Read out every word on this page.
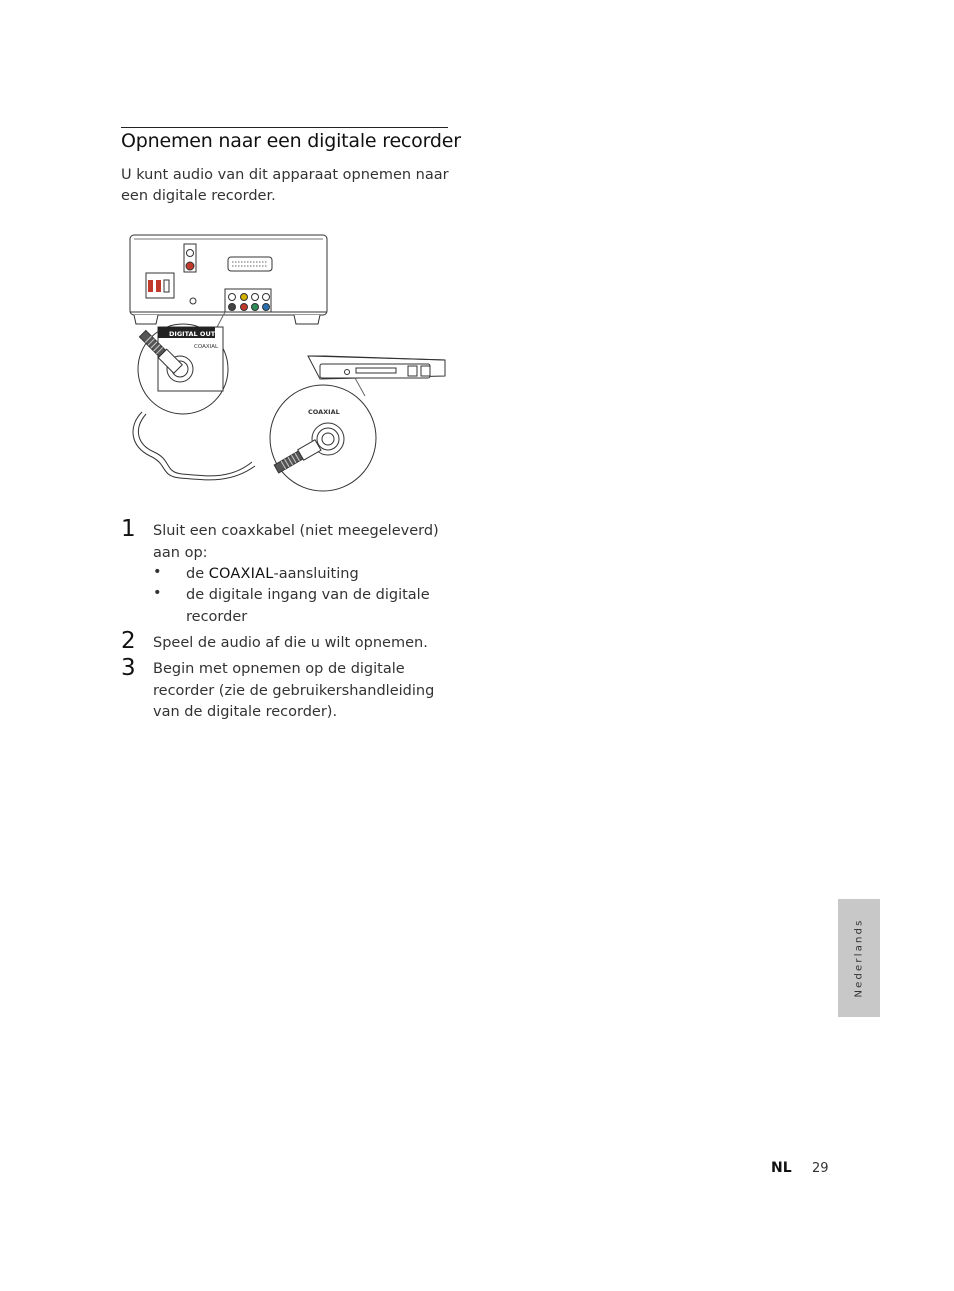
Opnemen naar een digitale recorder
U kunt audio van dit apparaat opnemen naar een digitale recorder.
DIGITAL OUT
COAXIAL
COAXIAL
1 Sluit een coaxkabel (niet meegeleverd) aan op:
• de COAXIAL-aansluiting
• de digitale ingang van de digitale recorder
2 Speel de audio af die u wilt opnemen.
3 Begin met opnemen op de digitale recorder (zie de gebruikershandleiding van de digitale recorder).
Nederlands
NL 29
